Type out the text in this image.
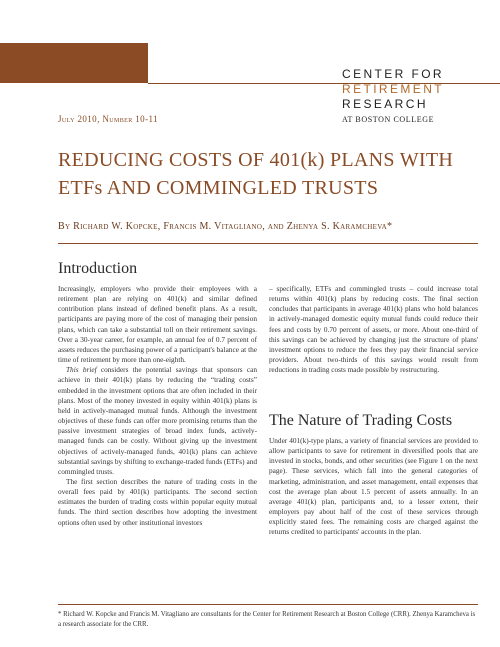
CENTER FOR
RETIREMENT
RESEARCH
AT BOSTON COLLEGE
July 2010, Number 10-11
REDUCING COSTS OF 401(k) PLANS WITH
ETFs AND COMMINGLED TRUSTS
By Richard W. Kopcke, Francis M. Vitagliano, and Zhenya S. Karamcheva*
Introduction

Increasingly, employers who provide their employees with a retirement plan are relying on 401(k) and similar defined contribution plans instead of defined benefit plans. As a result, participants are paying more of the cost of managing their pension plans, which can take a substantial toll on their retirement savings. Over a 30-year career, for example, an annual fee of 0.7 percent of assets reduces the purchasing power of a participant's balance at the time of retirement by more than one-eighth.

This brief considers the potential savings that sponsors can achieve in their 401(k) plans by reducing the “trading costs” embedded in the investment options that are often included in their plans. Most of the money invested in equity within 401(k) plans is held in actively-managed mutual funds. Although the investment objectives of these funds can offer more promising returns than the passive investment strategies of broad index funds, actively-managed funds can be costly. Without giving up the investment objectives of actively-managed funds, 401(k) plans can achieve substantial savings by shifting to exchange-traded funds (ETFs) and commingled trusts.

The first section describes the nature of trading costs in the overall fees paid by 401(k) participants. The second section estimates the burden of trading costs within popular equity mutual funds. The third section describes how adopting the investment options often used by other institutional investors

– specifically, ETFs and commingled trusts – could increase total returns within 401(k) plans by reducing costs. The final section concludes that participants in average 401(k) plans who hold balances in actively-managed domestic equity mutual funds could reduce their fees and costs by 0.70 percent of assets, or more. About one-third of this savings can be achieved by changing just the structure of plans' investment options to reduce the fees they pay their financial service providers. About two-thirds of this savings would result from reductions in trading costs made possible by restructuring.

The Nature of Trading Costs

Under 401(k)-type plans, a variety of financial services are provided to allow participants to save for retirement in diversified pools that are invested in stocks, bonds, and other securities (see Figure 1 on the next page). These services, which fall into the general categories of marketing, administration, and asset management, entail expenses that cost the average plan about 1.5 percent of assets annually. In an average 401(k) plan, participants and, to a lesser extent, their employers pay about half of the cost of these services through explicitly stated fees. The remaining costs are charged against the returns credited to participants' accounts in the plan.

* Richard W. Kopcke and Francis M. Vitagliano are consultants for the Center for Retirement Research at Boston College (CRR). Zhenya Karamcheva is a research associate for the CRR.
